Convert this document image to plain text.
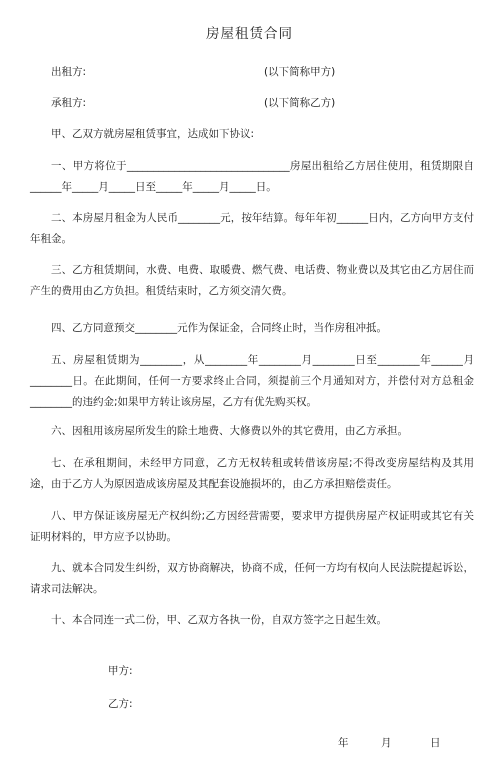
房屋租赁合同
出租方:	(以下简称甲方)
承租方:	(以下简称乙方)
甲、乙双方就房屋租赁事宜，达成如下协议:
一、甲方将位于_______________________________房屋出租给乙方居住使用，租赁期限自______年_____月_____日至_____年_____月_____日。
二、本房屋月租金为人民币________元，按年结算。每年年初______日内，乙方向甲方支付年租金。
三、乙方租赁期间，水费、电费、取暖费、燃气费、电话费、物业费以及其它由乙方居住而产生的费用由乙方负担。租赁结束时，乙方须交清欠费。
四、乙方同意预交________元作为保证金，合同终止时，当作房租冲抵。
五、房屋租赁期为________，从________年________月________日至________年______月________日。在此期间，任何一方要求终止合同，须提前三个月通知对方，并偿付对方总租金________的违约金;如果甲方转让该房屋，乙方有优先购买权。
六、因租用该房屋所发生的除土地费、大修费以外的其它费用，由乙方承担。
七、在承租期间，未经甲方同意，乙方无权转租或转借该房屋;不得改变房屋结构及其用途，由于乙方人为原因造成该房屋及其配套设施损坏的，由乙方承担赔偿责任。
八、甲方保证该房屋无产权纠纷;乙方因经营需要，要求甲方提供房屋产权证明或其它有关证明材料的，甲方应予以协助。
九、就本合同发生纠纷，双方协商解决，协商不成，任何一方均有权向人民法院提起诉讼，请求司法解决。
十、本合同连一式二份，甲、乙双方各执一份，自双方签字之日起生效。
甲方:
乙方:
年	月	日
